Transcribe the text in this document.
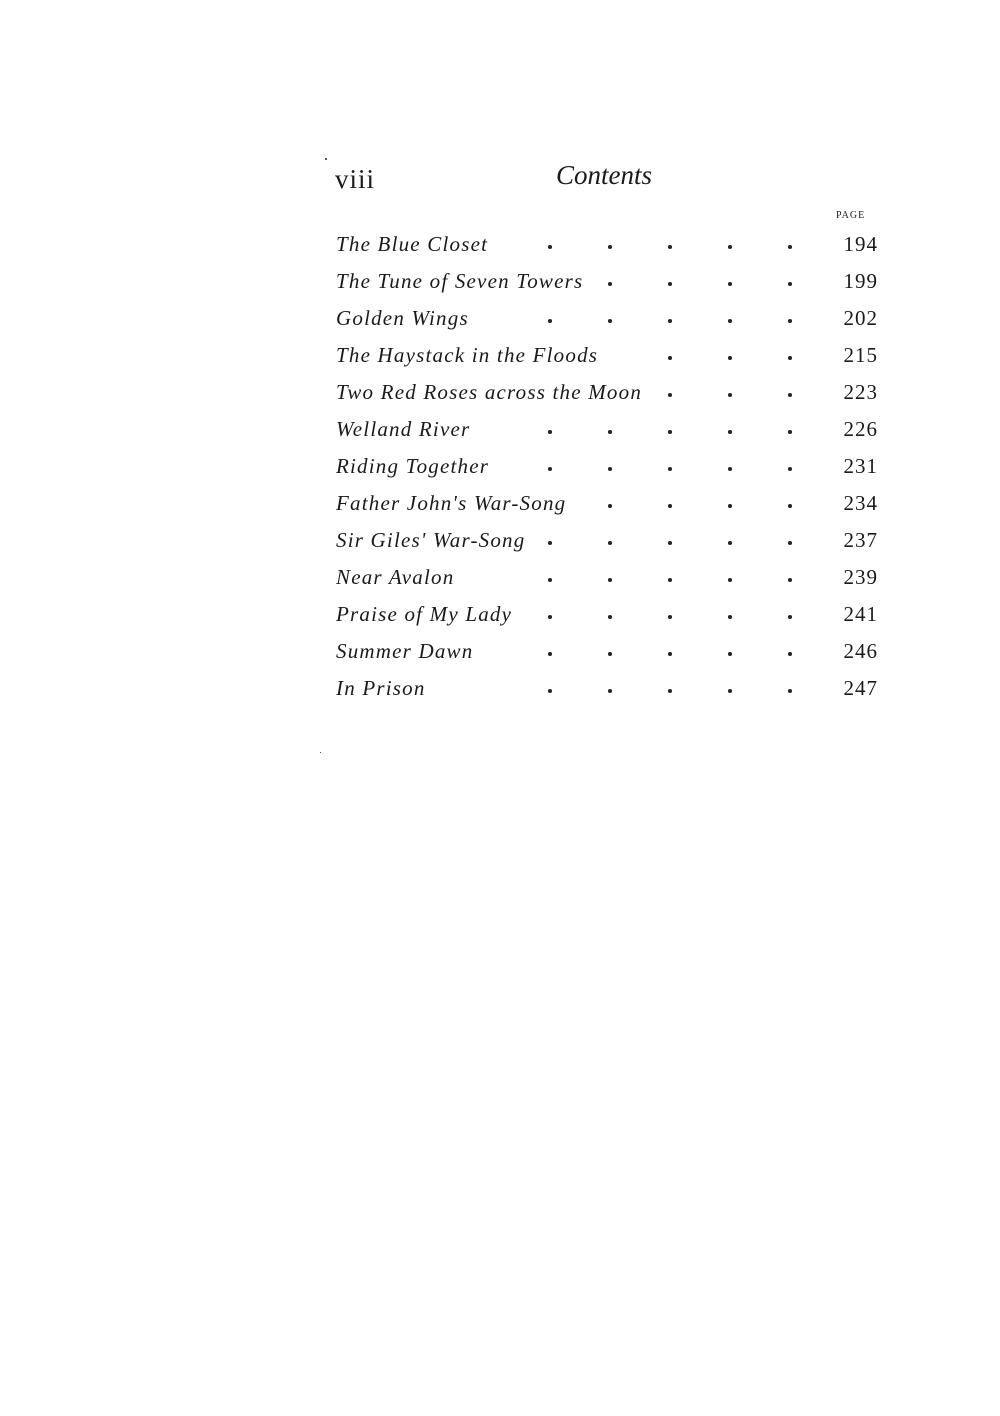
viii	Contents
PAGE
The Blue Closet	194
The Tune of Seven Towers	199
Golden Wings	202
The Haystack in the Floods	215
Two Red Roses across the Moon	223
Welland River	226
Riding Together	231
Father John's War-Song	234
Sir Giles' War-Song	237
Near Avalon	239
Praise of My Lady	241
Summer Dawn	246
In Prison	247
